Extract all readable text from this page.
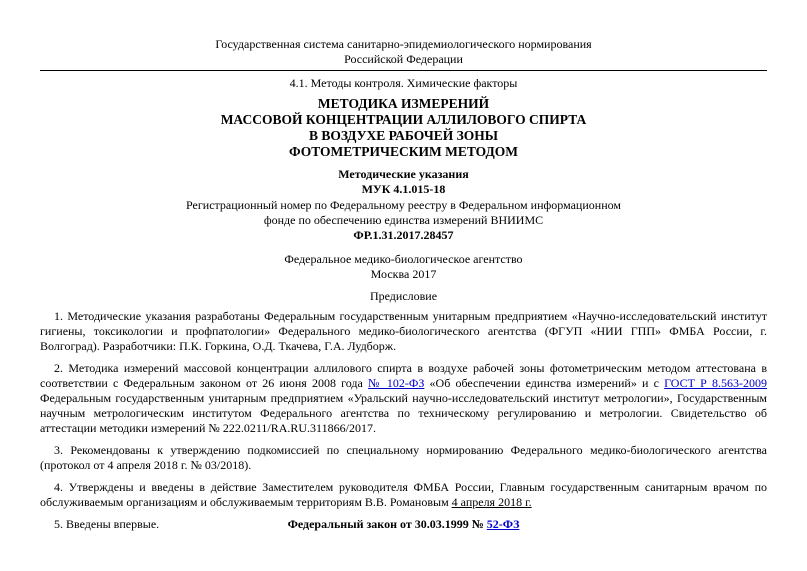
Государственная система санитарно-эпидемиологического нормирования
Российской Федерации
4.1. Методы контроля. Химические факторы
МЕТОДИКА ИЗМЕРЕНИЙ
МАССОВОЙ КОНЦЕНТРАЦИИ АЛЛИЛОВОГО СПИРТА
В ВОЗДУХЕ РАБОЧЕЙ ЗОНЫ
ФОТОМЕТРИЧЕСКИМ МЕТОДОМ
Методические указания
МУК 4.1.015-18
Регистрационный номер по Федеральному реестру в Федеральном информационном
фонде по обеспечению единства измерений ВНИИМС
ФР.1.31.2017.28457
Федеральное медико-биологическое агентство
Москва 2017
Предисловие

1. Методические указания разработаны Федеральным государственным унитарным предприятием «Научно-исследовательский институт гигиены, токсикологии и профпатологии» Федерального медико-биологического агентства (ФГУП «НИИ ГПП» ФМБА России, г. Волгоград). Разработчики: П.К. Горкина, О.Д. Ткачева, Г.А. Лудборж.

2. Методика измерений массовой концентрации аллилового спирта в воздухе рабочей зоны фотометрическим методом аттестована в соответствии с Федеральным законом от 26 июня 2008 года № 102-ФЗ «Об обеспечении единства измерений» и с ГОСТ Р 8.563-2009 Федеральным государственным унитарным предприятием «Уральский научно-исследовательский институт метрологии», Государственным научным метрологическим институтом Федерального агентства по техническому регулированию и метрологии. Свидетельство об аттестации методики измерений № 222.0211/RA.RU.311866/2017.

3. Рекомендованы к утверждению подкомиссией по специальному нормированию Федерального медико-биологического агентства (протокол от 4 апреля 2018 г. № 03/2018).

4. Утверждены и введены в действие Заместителем руководителя ФМБА России, Главным государственным санитарным врачом по обслуживаемым организациям и обслуживаемым территориям В.В. Романовым 4 апреля 2018 г.

5. Введены впервые.	Федеральный закон от 30.03.1999 № 52-ФЗ
